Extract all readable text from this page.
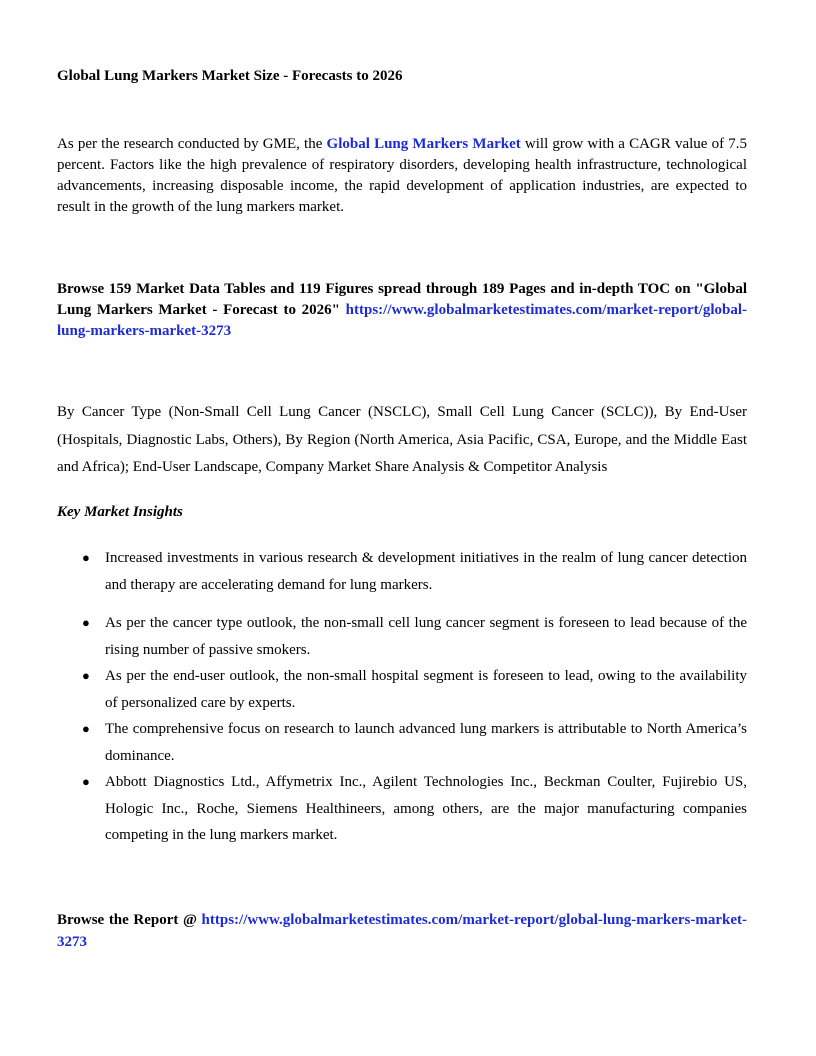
Global Lung Markers Market Size - Forecasts to 2026

As per the research conducted by GME, the Global Lung Markers Market will grow with a CAGR value of 7.5 percent. Factors like the high prevalence of respiratory disorders, developing health infrastructure, technological advancements, increasing disposable income, the rapid development of application industries, are expected to result in the growth of the lung markers market.

Browse 159 Market Data Tables and 119 Figures spread through 189 Pages and in-depth TOC on "Global Lung Markers Market - Forecast to 2026" https://www.globalmarketestimates.com/market-report/global-lung-markers-market-3273

By Cancer Type (Non-Small Cell Lung Cancer (NSCLC), Small Cell Lung Cancer (SCLC)), By End-User (Hospitals, Diagnostic Labs, Others), By Region (North America, Asia Pacific, CSA, Europe, and the Middle East and Africa); End-User Landscape, Company Market Share Analysis & Competitor Analysis

Key Market Insights

● Increased investments in various research & development initiatives in the realm of lung cancer detection and therapy are accelerating demand for lung markers.
● As per the cancer type outlook, the non-small cell lung cancer segment is foreseen to lead because of the rising number of passive smokers.
● As per the end-user outlook, the non-small hospital segment is foreseen to lead, owing to the availability of personalized care by experts.
● The comprehensive focus on research to launch advanced lung markers is attributable to North America’s dominance.
● Abbott Diagnostics Ltd., Affymetrix Inc., Agilent Technologies Inc., Beckman Coulter, Fujirebio US, Hologic Inc., Roche, Siemens Healthineers, among others, are the major manufacturing companies competing in the lung markers market.

Browse the Report @ https://www.globalmarketestimates.com/market-report/global-lung-markers-market-3273
